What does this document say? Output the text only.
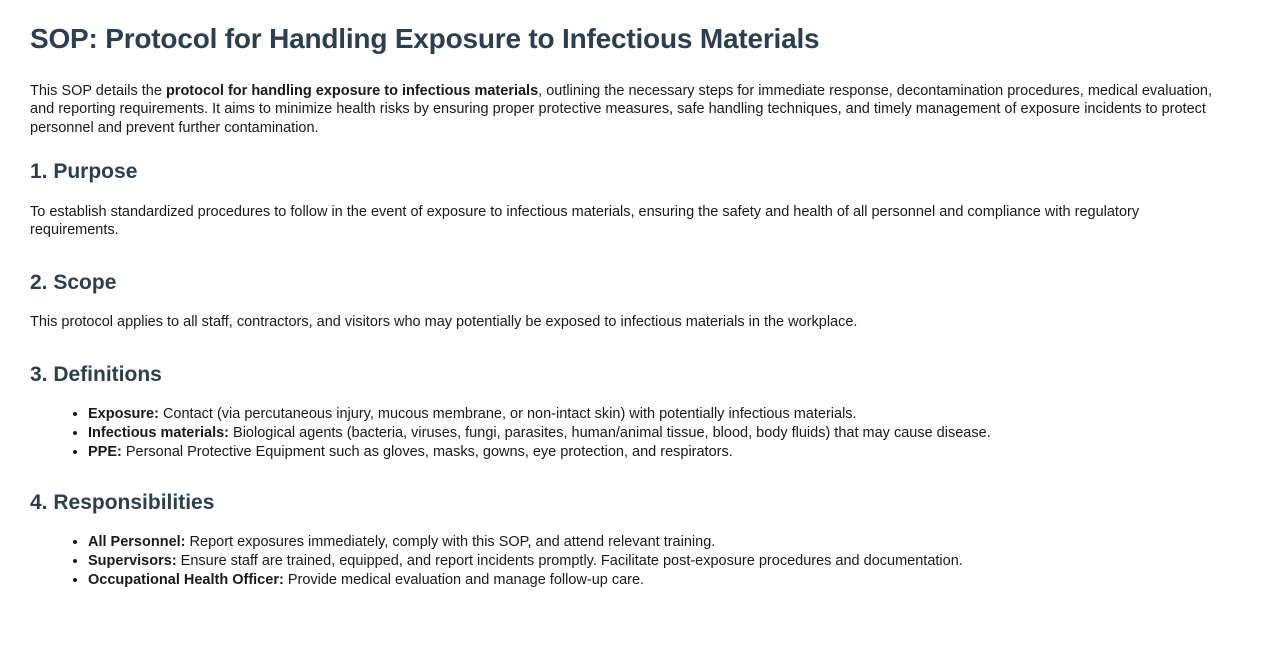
SOP: Protocol for Handling Exposure to Infectious Materials

This SOP details the protocol for handling exposure to infectious materials, outlining the necessary steps for immediate response, decontamination procedures, medical evaluation, and reporting requirements. It aims to minimize health risks by ensuring proper protective measures, safe handling techniques, and timely management of exposure incidents to protect personnel and prevent further contamination.

1. Purpose

To establish standardized procedures to follow in the event of exposure to infectious materials, ensuring the safety and health of all personnel and compliance with regulatory requirements.

2. Scope

This protocol applies to all staff, contractors, and visitors who may potentially be exposed to infectious materials in the workplace.

3. Definitions
• Exposure: Contact (via percutaneous injury, mucous membrane, or non-intact skin) with potentially infectious materials.
• Infectious materials: Biological agents (bacteria, viruses, fungi, parasites, human/animal tissue, blood, body fluids) that may cause disease.
• PPE: Personal Protective Equipment such as gloves, masks, gowns, eye protection, and respirators.
4. Responsibilities
• All Personnel: Report exposures immediately, comply with this SOP, and attend relevant training.
• Supervisors: Ensure staff are trained, equipped, and report incidents promptly. Facilitate post-exposure procedures and documentation.
• Occupational Health Officer: Provide medical evaluation and manage follow-up care.
